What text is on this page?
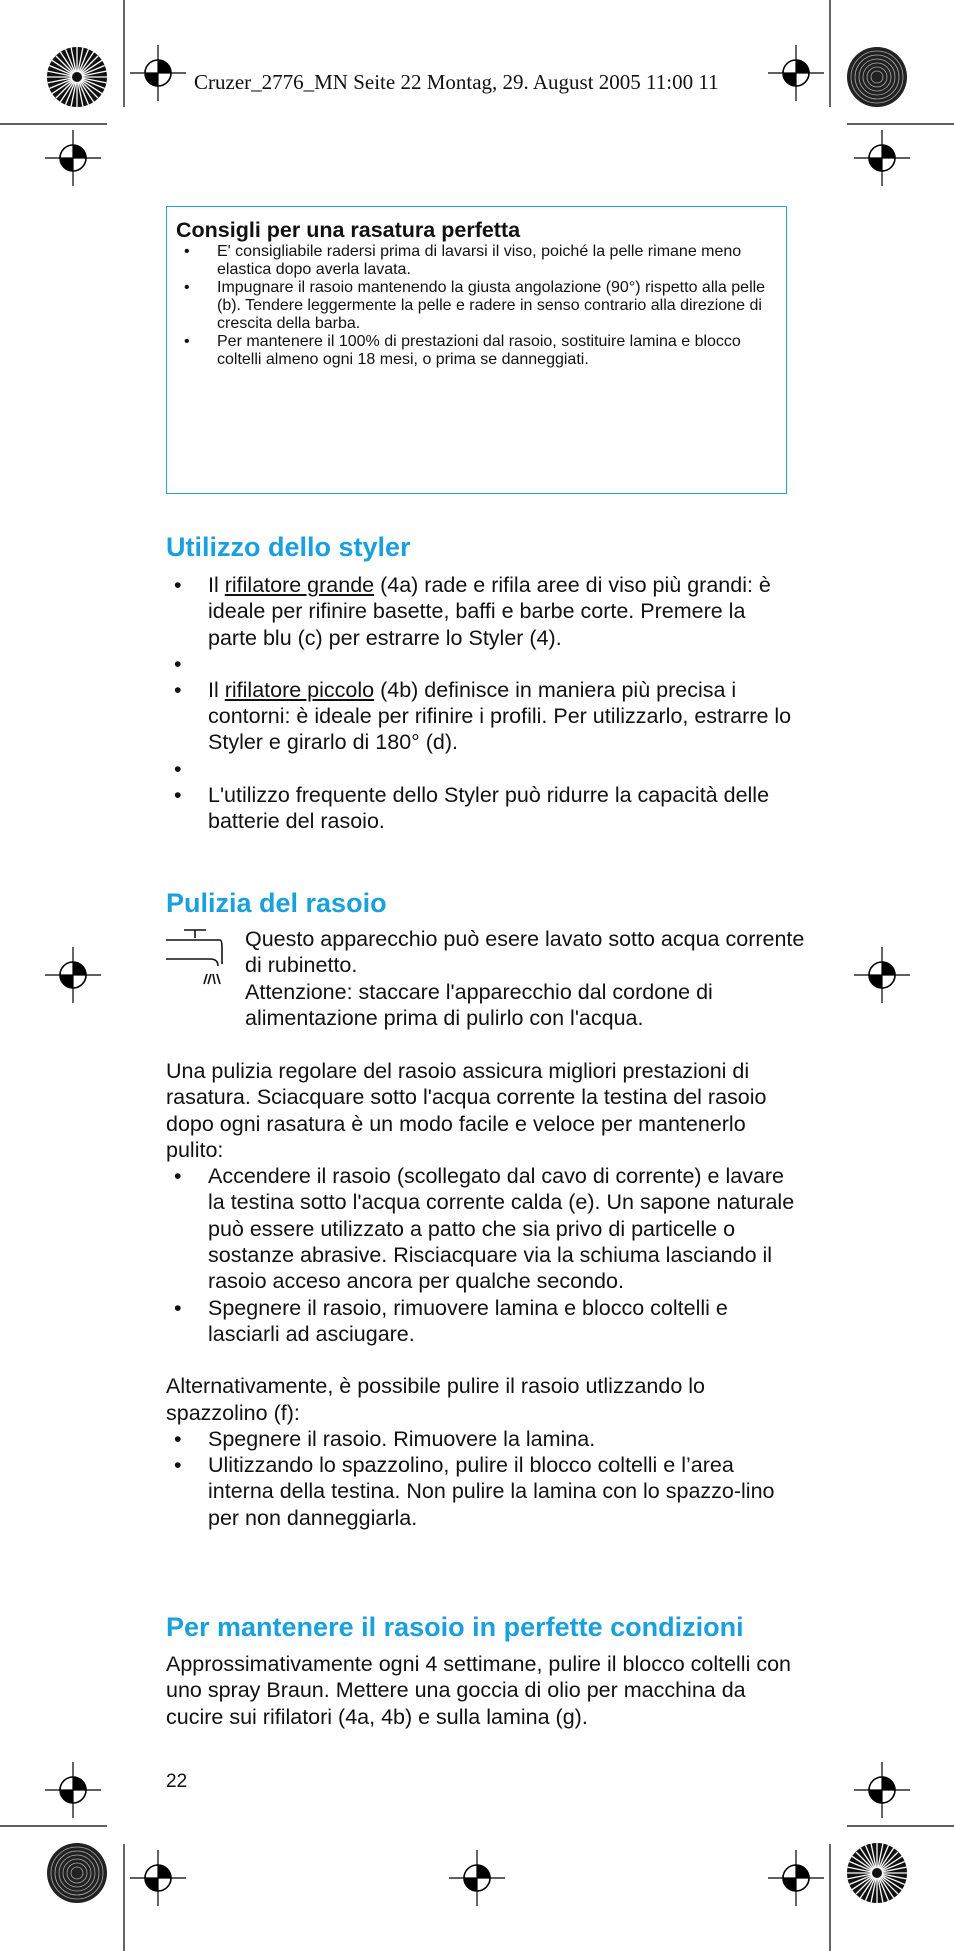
Cruzer_2776_MN Seite 22 Montag, 29. August 2005 11:00 11
Consigli per una rasatura perfetta
• E' consigliabile radersi prima di lavarsi il viso, poiché la pelle rimane meno elastica dopo averla lavata.
• Impugnare il rasoio mantenendo la giusta angolazione (90°) rispetto alla pelle (b). Tendere leggermente la pelle e radere in senso contrario alla direzione di crescita della barba.
• Per mantenere il 100% di prestazioni dal rasoio, sostituire lamina e blocco coltelli almeno ogni 18 mesi, o prima se danneggiati.
Utilizzo dello styler
• Il rifilatore grande (4a) rade e rifila aree di viso più grandi: è ideale per rifinire basette, baffi e barbe corte. Premere la parte blu (c) per estrarre lo Styler (4).
•
• Il rifilatore piccolo (4b) definisce in maniera più precisa i contorni: è ideale per rifinire i profili. Per utilizzarlo, estrarre lo Styler e girarlo di 180° (d).
•
• L'utilizzo frequente dello Styler può ridurre la capacità delle batterie del rasoio.
Pulizia del rasoio
Questo apparecchio può esere lavato sotto acqua corrente di rubinetto.
Attenzione: staccare l'apparecchio dal cordone di alimentazione prima di pulirlo con l'acqua.
Una pulizia regolare del rasoio assicura migliori prestazioni di rasatura. Sciacquare sotto l'acqua corrente la testina del rasoio dopo ogni rasatura è un modo facile e veloce per mantenerlo pulito:
• Accendere il rasoio (scollegato dal cavo di corrente) e lavare la testina sotto l'acqua corrente calda (e). Un sapone naturale può essere utilizzato a patto che sia privo di particelle o sostanze abrasive. Risciacquare via la schiuma lasciando il rasoio acceso ancora per qualche secondo.
• Spegnere il rasoio, rimuovere lamina e blocco coltelli e lasciarli ad asciugare.
Alternativamente, è possibile pulire il rasoio utlizzando lo spazzolino (f):
• Spegnere il rasoio. Rimuovere la lamina.
• Ulitizzando lo spazzolino, pulire il blocco coltelli e l’area interna della testina. Non pulire la lamina con lo spazzo-lino per non danneggiarla.
Per mantenere il rasoio in perfette condizioni
Approssimativamente ogni 4 settimane, pulire il blocco coltelli con uno spray Braun. Mettere una goccia di olio per macchina da cucire sui rifilatori (4a, 4b) e sulla lamina (g).
22
